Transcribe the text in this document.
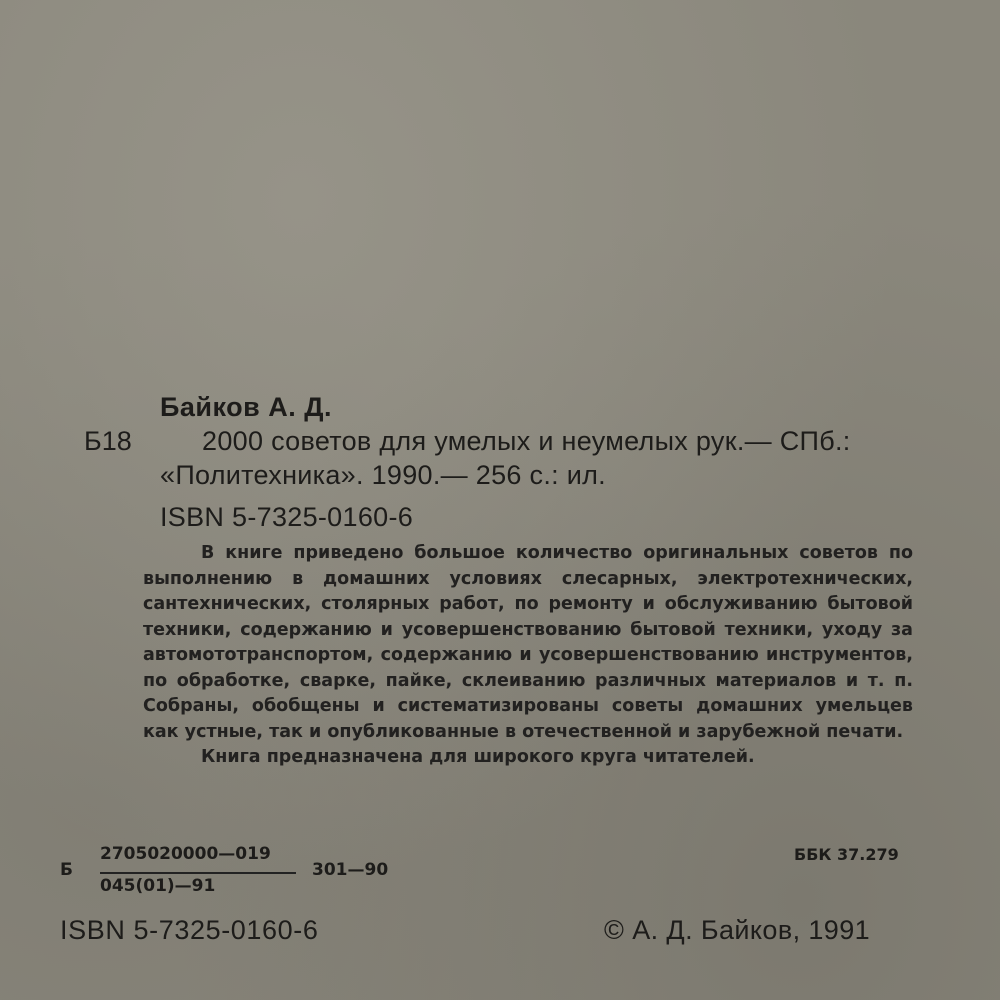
Байков А. Д.
Б18	2000 советов для умелых и неумелых рук.— СПб.:
«Политехника». 1990.— 256 с.: ил.
ISBN 5-7325-0160-6

В книге приведено большое количество оригинальных советов по выполнению в домашних условиях слесарных, электротехнических, сантехнических, столярных работ, по ремонту и обслуживанию бытовой техники, содержанию и усовершенствованию бытовой техники, уходу за автомототранспортом, содержанию и усовершенствованию инструментов, по обработке, сварке, пайке, склеиванию различных материалов и т. п. Собраны, обобщены и систематизированы советы домашних умельцев как устные, так и опубликованные в отечественной и зарубежной печати.

Книга предназначена для широкого круга читателей.

Б
2705020000—019
045(01)—91
301—90
ББК 37.279
ISBN 5-7325-0160-6	© А. Д. Байков, 1991
